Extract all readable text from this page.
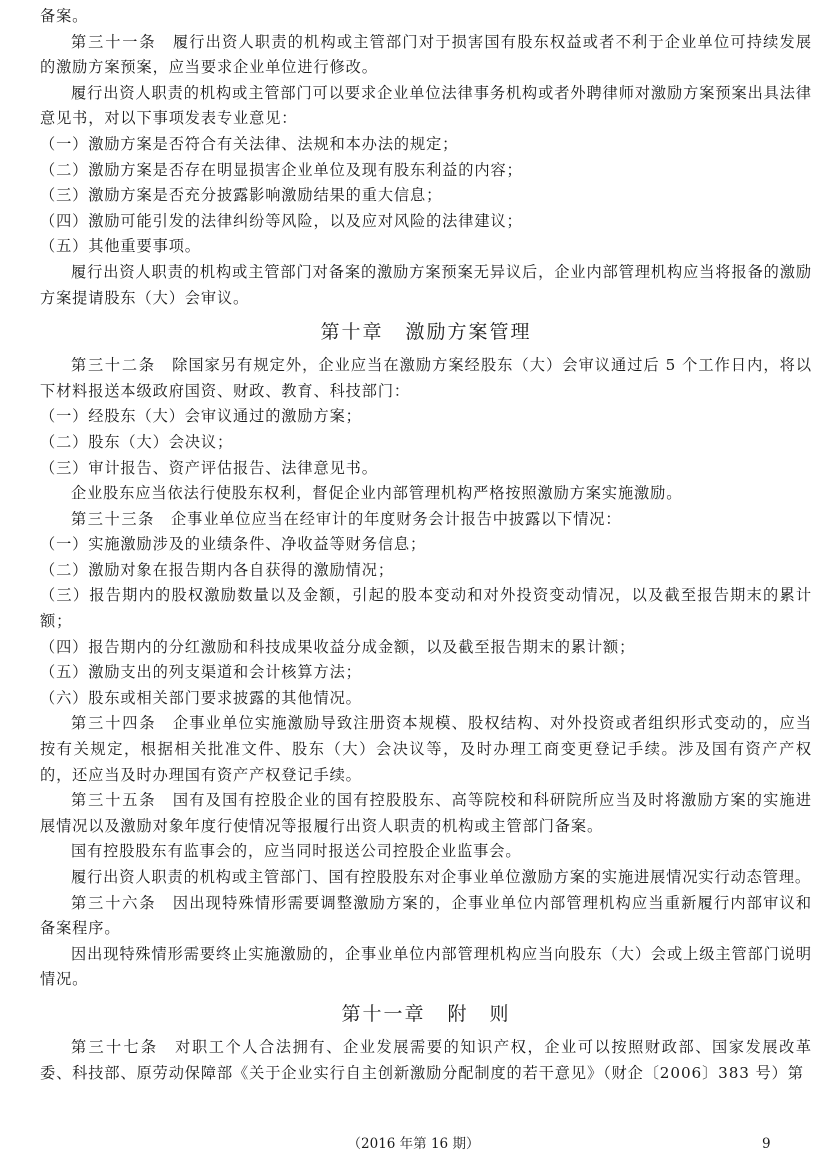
备案。

第三十一条　 履行出资人职责的机构或主管部门对于损害国有股东权益或者不利于企业单位可持续发展的激励方案预案，应当要求企业单位进行修改。

履行出资人职责的机构或主管部门可以要求企业单位法律事务机构或者外聘律师对激励方案预案出具法律意见书，对以下事项发表专业意见：

（一）激励方案是否符合有关法律、法规和本办法的规定；

（二）激励方案是否存在明显损害企业单位及现有股东利益的内容；

（三）激励方案是否充分披露影响激励结果的重大信息；

（四）激励可能引发的法律纠纷等风险，以及应对风险的法律建议；

（五）其他重要事项。

履行出资人职责的机构或主管部门对备案的激励方案预案无异议后，企业内部管理机构应当将报备的激励方案提请股东（大）会审议。

第十章 激励方案管理

第三十二条　 除国家另有规定外，企业应当在激励方案经股东（大）会审议通过后 5 个工作日内，将以下材料报送本级政府国资、财政、教育、科技部门：

（一）经股东（大）会审议通过的激励方案；

（二）股东（大）会决议；

（三）审计报告、资产评估报告、法律意见书。

企业股东应当依法行使股东权利，督促企业内部管理机构严格按照激励方案实施激励。

第三十三条　 企事业单位应当在经审计的年度财务会计报告中披露以下情况：

（一）实施激励涉及的业绩条件、净收益等财务信息；

（二）激励对象在报告期内各自获得的激励情况；

（三）报告期内的股权激励数量以及金额，引起的股本变动和对外投资变动情况，以及截至报告期末的累计额；

（四）报告期内的分红激励和科技成果收益分成金额，以及截至报告期末的累计额；

（五）激励支出的列支渠道和会计核算方法；

（六）股东或相关部门要求披露的其他情况。

第三十四条　 企事业单位实施激励导致注册资本规模、股权结构、对外投资或者组织形式变动的，应当按有关规定，根据相关批准文件、股东（大）会决议等，及时办理工商变更登记手续。涉及国有资产产权的，还应当及时办理国有资产产权登记手续。

第三十五条　 国有及国有控股企业的国有控股股东、高等院校和科研院所应当及时将激励方案的实施进展情况以及激励对象年度行使情况等报履行出资人职责的机构或主管部门备案。

国有控股股东有监事会的，应当同时报送公司控股企业监事会。

履行出资人职责的机构或主管部门、国有控股股东对企事业单位激励方案的实施进展情况实行动态管理。

第三十六条　 因出现特殊情形需要调整激励方案的，企事业单位内部管理机构应当重新履行内部审议和备案程序。

因出现特殊情形需要终止实施激励的，企事业单位内部管理机构应当向股东（大）会或上级主管部门说明情况。

第十一章 附　则

第三十七条　 对职工个人合法拥有、企业发展需要的知识产权，企业可以按照财政部、国家发展改革委、科技部、原劳动保障部《关于企业实行自主创新激励分配制度的若干意见》（财企〔2006〕383 号）第

（2016 年第 16 期）	9
